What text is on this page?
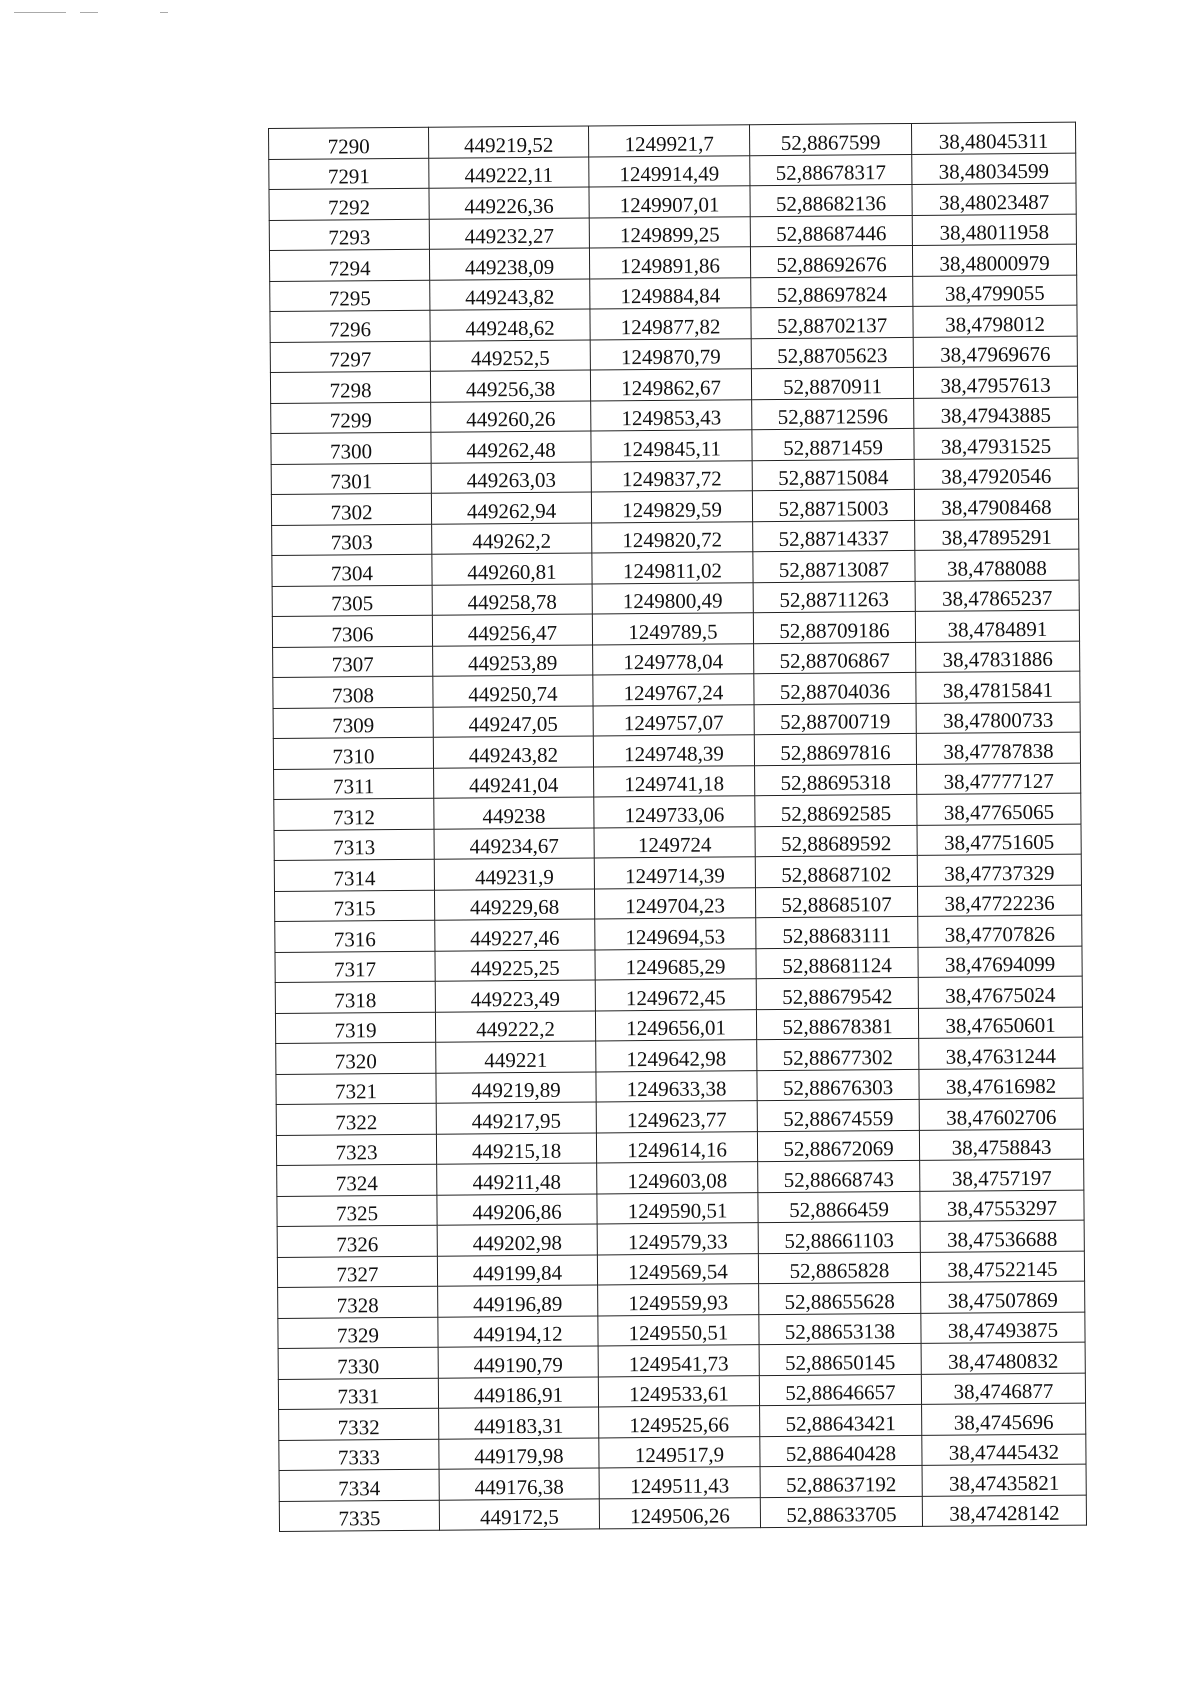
7290	449219,52	1249921,7	52,8867599	38,48045311
7291	449222,11	1249914,49	52,88678317	38,48034599
7292	449226,36	1249907,01	52,88682136	38,48023487
7293	449232,27	1249899,25	52,88687446	38,48011958
7294	449238,09	1249891,86	52,88692676	38,48000979
7295	449243,82	1249884,84	52,88697824	38,4799055
7296	449248,62	1249877,82	52,88702137	38,4798012
7297	449252,5	1249870,79	52,88705623	38,47969676
7298	449256,38	1249862,67	52,8870911	38,47957613
7299	449260,26	1249853,43	52,88712596	38,47943885
7300	449262,48	1249845,11	52,8871459	38,47931525
7301	449263,03	1249837,72	52,88715084	38,47920546
7302	449262,94	1249829,59	52,88715003	38,47908468
7303	449262,2	1249820,72	52,88714337	38,47895291
7304	449260,81	1249811,02	52,88713087	38,4788088
7305	449258,78	1249800,49	52,88711263	38,47865237
7306	449256,47	1249789,5	52,88709186	38,4784891
7307	449253,89	1249778,04	52,88706867	38,47831886
7308	449250,74	1249767,24	52,88704036	38,47815841
7309	449247,05	1249757,07	52,88700719	38,47800733
7310	449243,82	1249748,39	52,88697816	38,47787838
7311	449241,04	1249741,18	52,88695318	38,47777127
7312	449238	1249733,06	52,88692585	38,47765065
7313	449234,67	1249724	52,88689592	38,47751605
7314	449231,9	1249714,39	52,88687102	38,47737329
7315	449229,68	1249704,23	52,88685107	38,47722236
7316	449227,46	1249694,53	52,88683111	38,47707826
7317	449225,25	1249685,29	52,88681124	38,47694099
7318	449223,49	1249672,45	52,88679542	38,47675024
7319	449222,2	1249656,01	52,88678381	38,47650601
7320	449221	1249642,98	52,88677302	38,47631244
7321	449219,89	1249633,38	52,88676303	38,47616982
7322	449217,95	1249623,77	52,88674559	38,47602706
7323	449215,18	1249614,16	52,88672069	38,4758843
7324	449211,48	1249603,08	52,88668743	38,4757197
7325	449206,86	1249590,51	52,8866459	38,47553297
7326	449202,98	1249579,33	52,88661103	38,47536688
7327	449199,84	1249569,54	52,8865828	38,47522145
7328	449196,89	1249559,93	52,88655628	38,47507869
7329	449194,12	1249550,51	52,88653138	38,47493875
7330	449190,79	1249541,73	52,88650145	38,47480832
7331	449186,91	1249533,61	52,88646657	38,4746877
7332	449183,31	1249525,66	52,88643421	38,4745696
7333	449179,98	1249517,9	52,88640428	38,47445432
7334	449176,38	1249511,43	52,88637192	38,47435821
7335	449172,5	1249506,26	52,88633705	38,47428142
